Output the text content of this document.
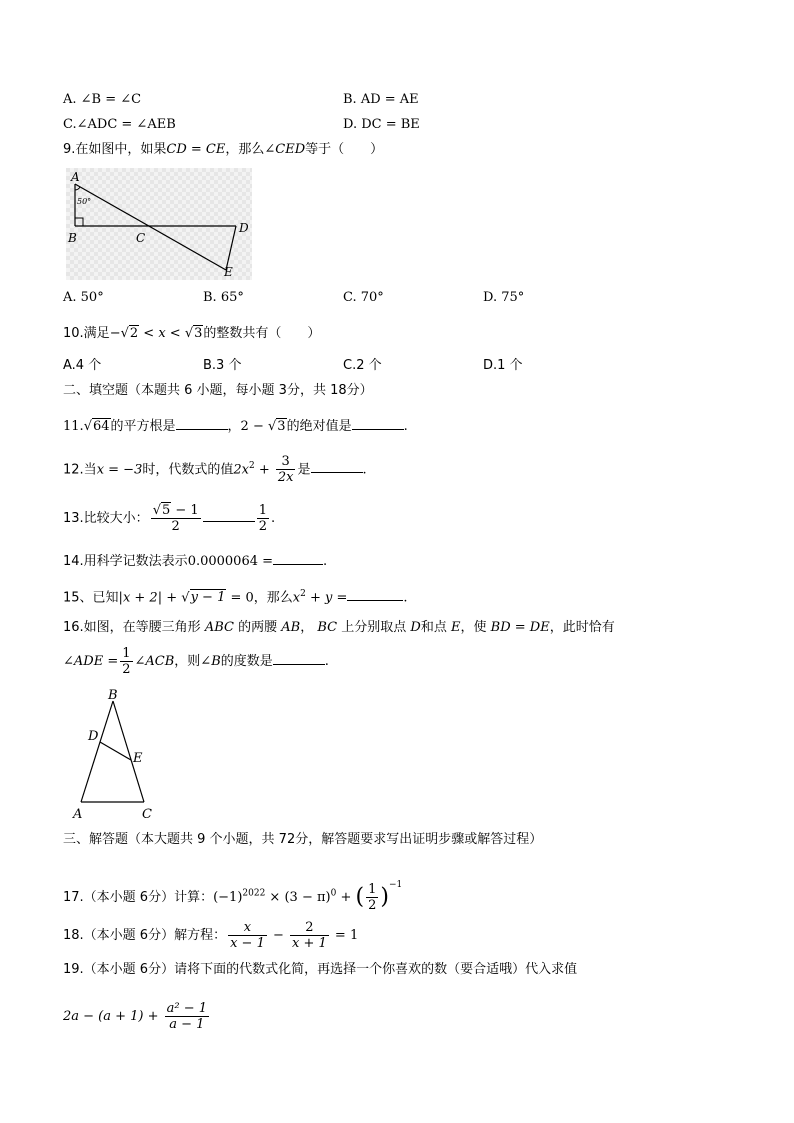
A. ∠B = ∠C	B. AD = AE
C.∠ADC = ∠AEB	D. DC = BE
9.在如图中，如果CD = CE，那么∠CED等于（　　）
A
B	C
D
E
50°
A. 50°	B. 65°	C. 70°	D. 75°
10.满足−√2 < x < √3的整数共有（　　）
A.4 个	B.3 个	C.2 个	D.1 个
二、填空题（本题共 6 小题，每小题 3分，共 18分）
11.√64的平方根是	，2 − √3的绝对值是	.
12.当x = −3时，代数式的值$2x^2 + \frac{3}{2x}$ 是	.
13.比较大小： $\frac{√5 - 1}{2}$	$\frac{1}{2}$ .
14.用科学记数法表示0.0000064 =	.
15、已知|x + 2| + √y − 1 = 0，那么$x^2 + y$ =	.
16.如图，在等腰三角形 ABC 的两腰 AB， BC 上分别取点 D和点 E，使 BD = DE，此时恰有
∠ADE = $\frac{1}{2}$ ∠ACB，则∠B的度数是	.
B
D
E
A	C
三、解答题（本大题共 9 个小题，共 72分，解答题要求写出证明步骤或解答过程）
17.（本小题 6分）计算：$(-1)^{2022} \times (3 - \pi)^0$ + ( $\frac{1}{2} )^{-1}$
18.（本小题 6分）解方程： $\frac{x}{x - 1} - \frac{2}{x + 1} = 1$
19.（本小题 6分）请将下面的代数式化简，再选择一个你喜欢的数（要合适哦）代入求值
$2a - (a + 1) + \frac{\text{a² − 1}}{a - 1}$
